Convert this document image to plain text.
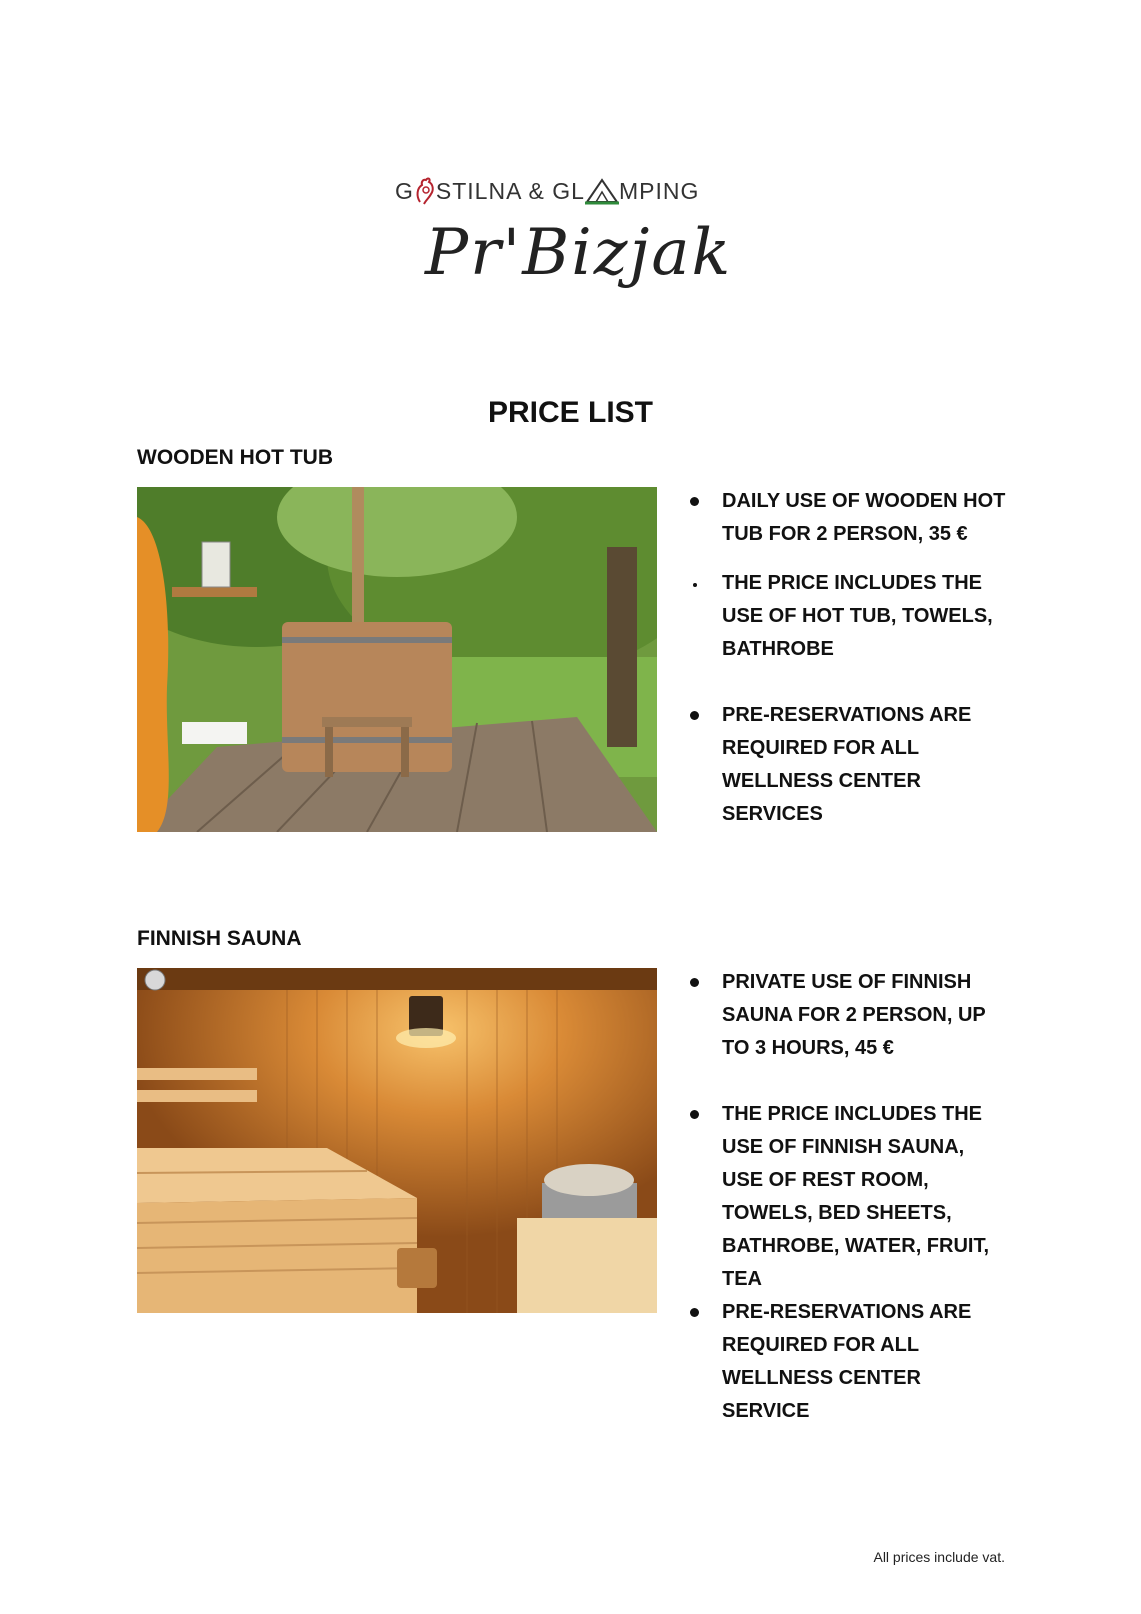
G STILNA & GL MPING
Pr'Bizjak
PRICE LIST
WOODEN HOT TUB
DAILY USE OF WOODEN HOT TUB FOR 2 PERSON, 35 €
THE PRICE INCLUDES THE USE OF HOT TUB, TOWELS, BATHROBE
PRE-RESERVATIONS ARE REQUIRED FOR ALL WELLNESS CENTER SERVICES
FINNISH SAUNA
PRIVATE USE OF FINNISH SAUNA FOR 2 PERSON, UP TO 3 HOURS, 45 €
THE PRICE INCLUDES THE USE OF FINNISH SAUNA, USE OF REST ROOM, TOWELS, BED SHEETS, BATHROBE, WATER, FRUIT, TEA
PRE-RESERVATIONS ARE REQUIRED FOR ALL WELLNESS CENTER SERVICE

All prices include vat.
